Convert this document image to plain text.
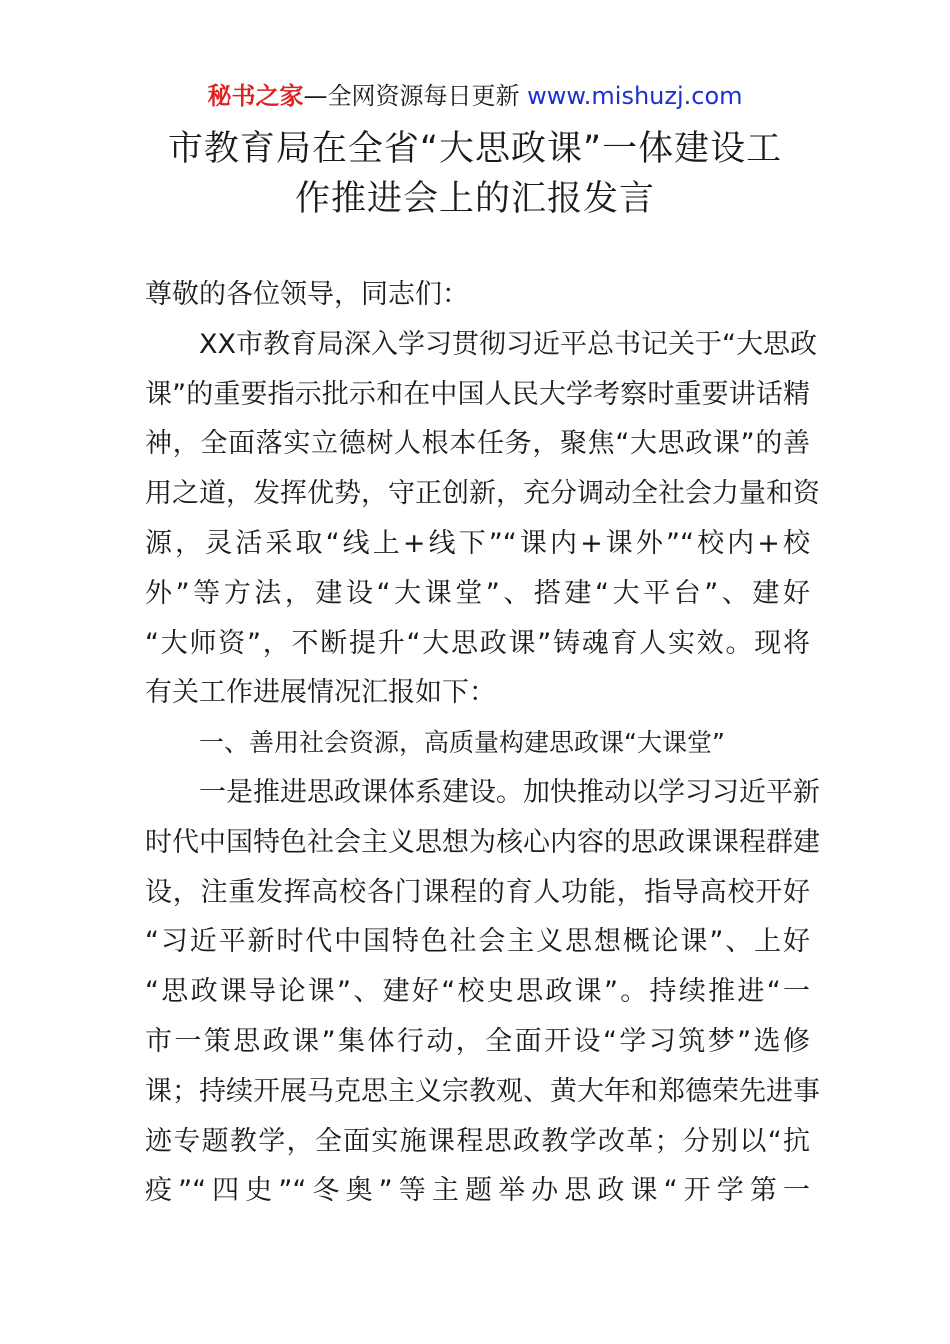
秘书之家—全网资源每日更新 www.mishuzj.com
市教育局在全省“大思政课”一体建设工
作推进会上的汇报发言
尊敬的各位领导，同志们：
XX市教育局深入学习贯彻习近平总书记关于“大思政
课”的重要指示批示和在中国人民大学考察时重要讲话精
神，全面落实立德树人根本任务，聚焦“大思政课”的善
用之道，发挥优势，守正创新，充分调动全社会力量和资
源，灵活采取“线上+线下”“课内+课外”“校内+校
外”等方法，建设“大课堂”、搭建“大平台”、建好
“大师资”，不断提升“大思政课”铸魂育人实效。现将
有关工作进展情况汇报如下：
一、善用社会资源，高质量构建思政课“大课堂”
一是推进思政课体系建设。加快推动以学习习近平新
时代中国特色社会主义思想为核心内容的思政课课程群建
设，注重发挥高校各门课程的育人功能，指导高校开好
“习近平新时代中国特色社会主义思想概论课”、上好
“思政课导论课”、建好“校史思政课”。持续推进“一
市一策思政课”集体行动，全面开设“学习筑梦”选修
课；持续开展马克思主义宗教观、黄大年和郑德荣先进事
迹专题教学，全面实施课程思政教学改革；分别以“抗
疫”“四史”“冬奥”等主题举办思政课“开学第一
